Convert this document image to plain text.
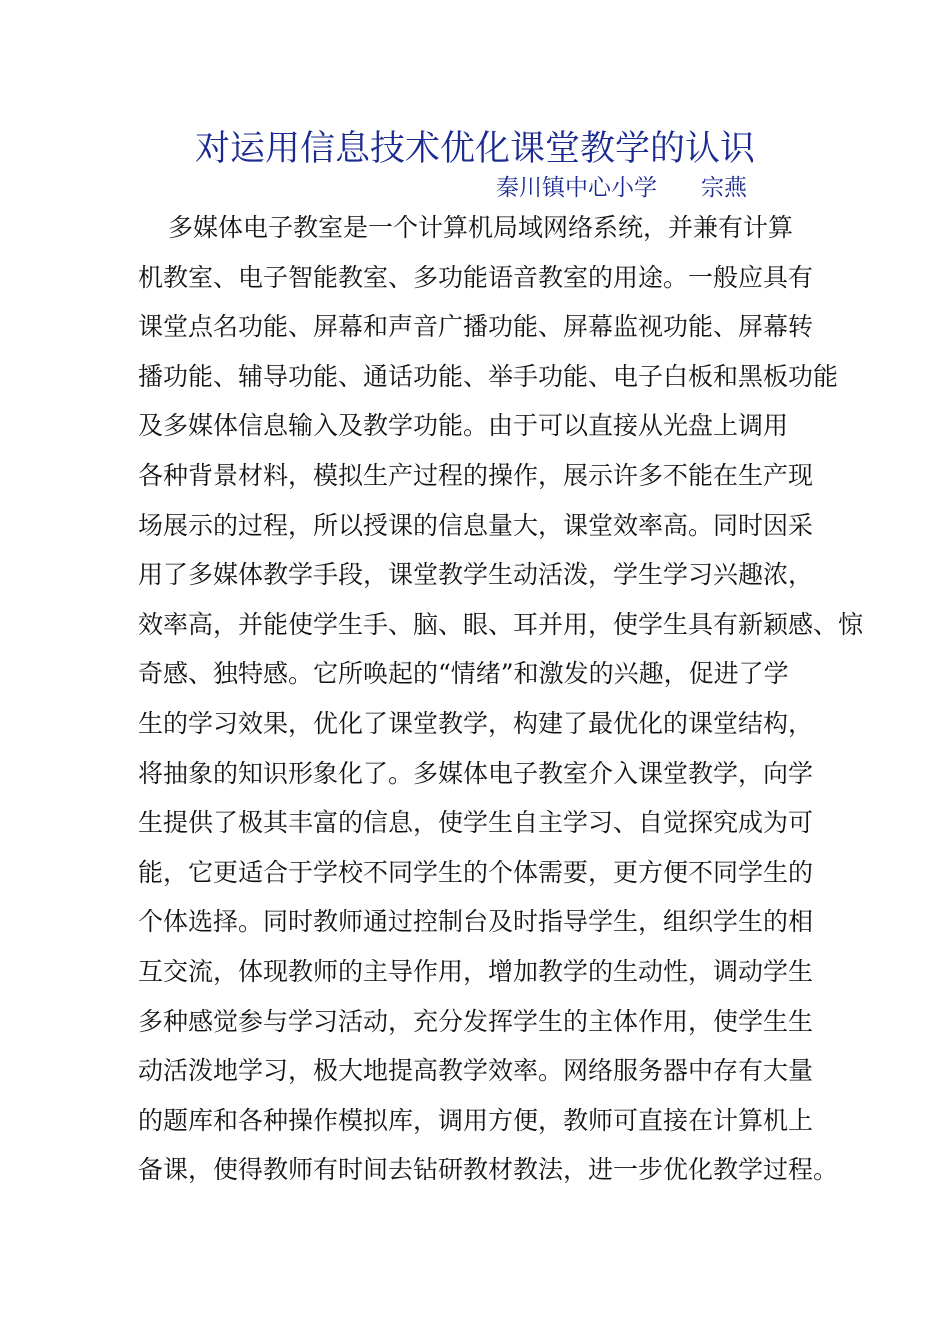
对运用信息技术优化课堂教学的认识
秦川镇中心小学 宗燕
多媒体电子教室是一个计算机局域网络系统，并兼有计算
机教室、电子智能教室、多功能语音教室的用途。一般应具有
课堂点名功能、屏幕和声音广播功能、屏幕监视功能、屏幕转
播功能、辅导功能、通话功能、举手功能、电子白板和黑板功能
及多媒体信息输入及教学功能。由于可以直接从光盘上调用
各种背景材料，模拟生产过程的操作，展示许多不能在生产现
场展示的过程，所以授课的信息量大，课堂效率高。同时因采
用了多媒体教学手段，课堂教学生动活泼，学生学习兴趣浓，
效率高，并能使学生手、脑、眼、耳并用，使学生具有新颖感、惊
奇感、独特感。它所唤起的“情绪”和激发的兴趣，促进了学
生的学习效果，优化了课堂教学，构建了最优化的课堂结构，
将抽象的知识形象化了。多媒体电子教室介入课堂教学，向学
生提供了极其丰富的信息，使学生自主学习、自觉探究成为可
能，它更适合于学校不同学生的个体需要，更方便不同学生的
个体选择。同时教师通过控制台及时指导学生，组织学生的相
互交流，体现教师的主导作用，增加教学的生动性，调动学生
多种感觉参与学习活动，充分发挥学生的主体作用，使学生生
动活泼地学习，极大地提高教学效率。网络服务器中存有大量
的题库和各种操作模拟库，调用方便，教师可直接在计算机上
备课，使得教师有时间去钻研教材教法，进一步优化教学过程。
